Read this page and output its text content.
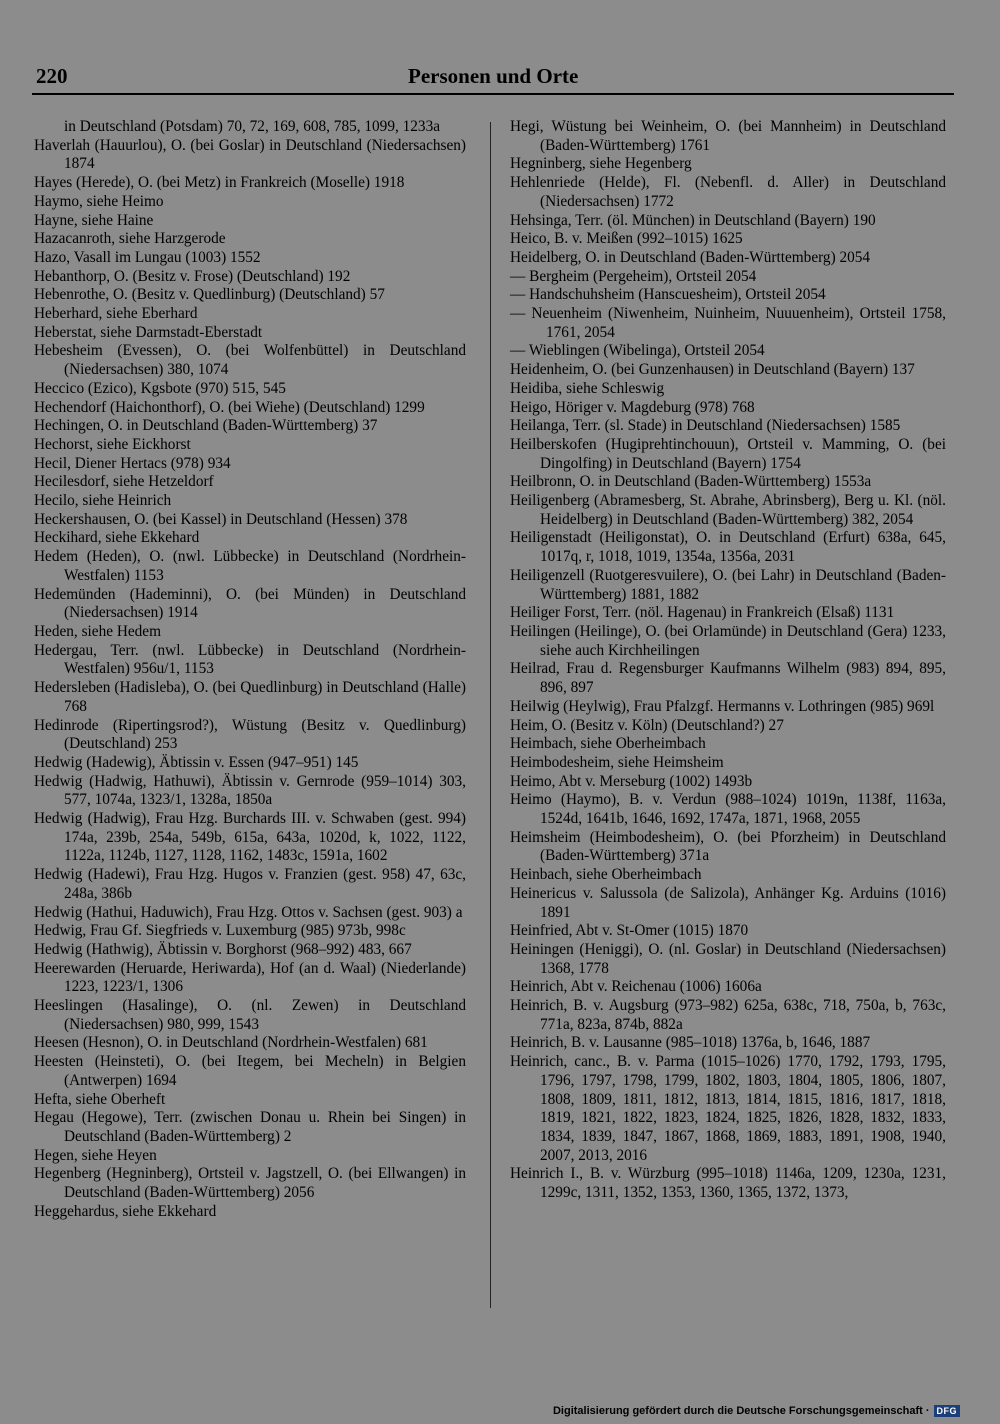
220	Personen und Orte
in Deutschland (Potsdam) 70, 72, 169, 608, 785, 1099, 1233a
Haverlah (Hauurlou), O. (bei Goslar) in Deutschland (Niedersachsen) 1874
Hayes (Herede), O. (bei Metz) in Frankreich (Moselle) 1918
Haymo, siehe Heimo
Hayne, siehe Haine
Hazacanroth, siehe Harzgerode
Hazo, Vasall im Lungau (1003) 1552
Hebanthorp, O. (Besitz v. Frose) (Deutschland) 192
Hebenrothe, O. (Besitz v. Quedlinburg) (Deutschland) 57
Heberhard, siehe Eberhard
Heberstat, siehe Darmstadt-Eberstadt
Hebesheim (Evessen), O. (bei Wolfenbüttel) in Deutschland (Niedersachsen) 380, 1074
Heccico (Ezico), Kgsbote (970) 515, 545
Hechendorf (Haichonthorf), O. (bei Wiehe) (Deutschland) 1299
Hechingen, O. in Deutschland (Baden-Württemberg) 37
Hechorst, siehe Eickhorst
Hecil, Diener Hertacs (978) 934
Hecilesdorf, siehe Hetzeldorf
Hecilo, siehe Heinrich
Heckershausen, O. (bei Kassel) in Deutschland (Hessen) 378
Heckihard, siehe Ekkehard
Hedem (Heden), O. (nwl. Lübbecke) in Deutschland (Nordrhein-Westfalen) 1153
Hedemünden (Hademinni), O. (bei Münden) in Deutschland (Niedersachsen) 1914
Heden, siehe Hedem
Hedergau, Terr. (nwl. Lübbecke) in Deutschland (Nordrhein-Westfalen) 956u/1, 1153
Hedersleben (Hadisleba), O. (bei Quedlinburg) in Deutschland (Halle) 768
Hedinrode (Ripertingsrod?), Wüstung (Besitz v. Quedlinburg) (Deutschland) 253
Hedwig (Hadewig), Äbtissin v. Essen (947–951) 145
Hedwig (Hadwig, Hathuwi), Äbtissin v. Gernrode (959–1014) 303, 577, 1074a, 1323/1, 1328a, 1850a
Hedwig (Hadwig), Frau Hzg. Burchards III. v. Schwaben (gest. 994) 174a, 239b, 254a, 549b, 615a, 643a, 1020d, k, 1022, 1122, 1122a, 1124b, 1127, 1128, 1162, 1483c, 1591a, 1602
Hedwig (Hadewi), Frau Hzg. Hugos v. Franzien (gest. 958) 47, 63c, 248a, 386b
Hedwig (Hathui, Haduwich), Frau Hzg. Ottos v. Sachsen (gest. 903) a
Hedwig, Frau Gf. Siegfrieds v. Luxemburg (985) 973b, 998c
Hedwig (Hathwig), Äbtissin v. Borghorst (968–992) 483, 667
Heerewarden (Heruarde, Heriwarda), Hof (an d. Waal) (Niederlande) 1223, 1223/1, 1306
Heeslingen (Hasalinge), O. (nl. Zewen) in Deutschland (Niedersachsen) 980, 999, 1543
Heesen (Hesnon), O. in Deutschland (Nordrhein-Westfalen) 681
Heesten (Heinsteti), O. (bei Itegem, bei Mecheln) in Belgien (Antwerpen) 1694
Hefta, siehe Oberheft
Hegau (Hegowe), Terr. (zwischen Donau u. Rhein bei Singen) in Deutschland (Baden-Württemberg) 2
Hegen, siehe Heyen
Hegenberg (Hegninberg), Ortsteil v. Jagstzell, O. (bei Ellwangen) in Deutschland (Baden-Württemberg) 2056
Heggehardus, siehe Ekkehard
Hegi, Wüstung bei Weinheim, O. (bei Mannheim) in Deutschland (Baden-Württemberg) 1761
Hegninberg, siehe Hegenberg
Hehlenriede (Helde), Fl. (Nebenfl. d. Aller) in Deutschland (Niedersachsen) 1772
Hehsinga, Terr. (öl. München) in Deutschland (Bayern) 190
Heico, B. v. Meißen (992–1015) 1625
Heidelberg, O. in Deutschland (Baden-Württemberg) 2054
— Bergheim (Pergeheim), Ortsteil 2054
— Handschuhsheim (Hanscuesheim), Ortsteil 2054
— Neuenheim (Niwenheim, Nuinheim, Nuuuenheim), Ortsteil 1758, 1761, 2054
— Wieblingen (Wibelinga), Ortsteil 2054
Heidenheim, O. (bei Gunzenhausen) in Deutschland (Bayern) 137
Heidiba, siehe Schleswig
Heigo, Höriger v. Magdeburg (978) 768
Heilanga, Terr. (sl. Stade) in Deutschland (Niedersachsen) 1585
Heilberskofen (Hugiprehtinchouun), Ortsteil v. Mamming, O. (bei Dingolfing) in Deutschland (Bayern) 1754
Heilbronn, O. in Deutschland (Baden-Württemberg) 1553a
Heiligenberg (Abramesberg, St. Abrahe, Abrinsberg), Berg u. Kl. (nöl. Heidelberg) in Deutschland (Baden-Württemberg) 382, 2054
Heiligenstadt (Heiligonstat), O. in Deutschland (Erfurt) 638a, 645, 1017q, r, 1018, 1019, 1354a, 1356a, 2031
Heiligenzell (Ruotgeresvuilere), O. (bei Lahr) in Deutschland (Baden-Württemberg) 1881, 1882
Heiliger Forst, Terr. (nöl. Hagenau) in Frankreich (Elsaß) 1131
Heilingen (Heilinge), O. (bei Orlamünde) in Deutschland (Gera) 1233, siehe auch Kirchheilingen
Heilrad, Frau d. Regensburger Kaufmanns Wilhelm (983) 894, 895, 896, 897
Heilwig (Heylwig), Frau Pfalzgf. Hermanns v. Lothringen (985) 969l
Heim, O. (Besitz v. Köln) (Deutschland?) 27
Heimbach, siehe Oberheimbach
Heimbodesheim, siehe Heimsheim
Heimo, Abt v. Merseburg (1002) 1493b
Heimo (Haymo), B. v. Verdun (988–1024) 1019n, 1138f, 1163a, 1524d, 1641b, 1646, 1692, 1747a, 1871, 1968, 2055
Heimsheim (Heimbodesheim), O. (bei Pforzheim) in Deutschland (Baden-Württemberg) 371a
Heinbach, siehe Oberheimbach
Heinericus v. Salussola (de Salizola), Anhänger Kg. Arduins (1016) 1891
Heinfried, Abt v. St-Omer (1015) 1870
Heiningen (Heniggi), O. (nl. Goslar) in Deutschland (Niedersachsen) 1368, 1778
Heinrich, Abt v. Reichenau (1006) 1606a
Heinrich, B. v. Augsburg (973–982) 625a, 638c, 718, 750a, b, 763c, 771a, 823a, 874b, 882a
Heinrich, B. v. Lausanne (985–1018) 1376a, b, 1646, 1887
Heinrich, canc., B. v. Parma (1015–1026) 1770, 1792, 1793, 1795, 1796, 1797, 1798, 1799, 1802, 1803, 1804, 1805, 1806, 1807, 1808, 1809, 1811, 1812, 1813, 1814, 1815, 1816, 1817, 1818, 1819, 1821, 1822, 1823, 1824, 1825, 1826, 1828, 1832, 1833, 1834, 1839, 1847, 1867, 1868, 1869, 1883, 1891, 1908, 1940, 2007, 2013, 2016
Heinrich I., B. v. Würzburg (995–1018) 1146a, 1209, 1230a, 1231, 1299c, 1311, 1352, 1353, 1360, 1365, 1372, 1373,
Digitalisierung gefördert durch die Deutsche Forschungsgemeinschaft · DFG
